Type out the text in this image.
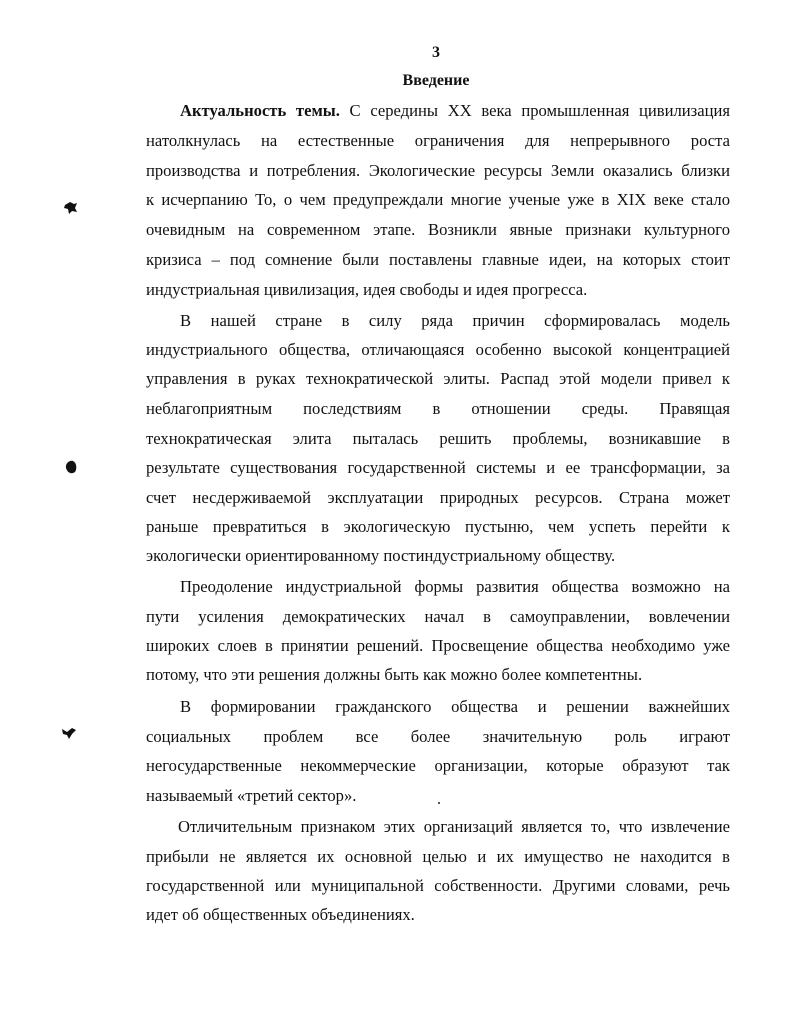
3
Введение
Актуальность темы. С середины XX века промышленная цивилизация
натолкнулась на естественные ограничения для непрерывного роста
производства и потребления. Экологические ресурсы Земли оказались близки
к исчерпанию То, о чем предупреждали многие ученые уже в XIX веке стало
очевидным на современном этапе. Возникли явные признаки культурного
кризиса – под сомнение были поставлены главные идеи, на которых стоит
индустриальная цивилизация, идея свободы и идея прогресса.
В нашей стране в силу ряда причин сформировалась модель
индустриального общества, отличающаяся особенно высокой концентрацией
управления в руках технократической элиты. Распад этой модели привел к
неблагоприятным последствиям в отношении среды. Правящая
технократическая элита пыталась решить проблемы, возникавшие в
результате существования государственной системы и ее трансформации, за
счет несдерживаемой эксплуатации природных ресурсов. Страна может
раньше превратиться в экологическую пустыню, чем успеть перейти к
экологически ориентированному постиндустриальному обществу.
Преодоление индустриальной формы развития общества возможно на
пути усиления демократических начал в самоуправлении, вовлечении
широких слоев в принятии решений. Просвещение общества необходимо уже
потому, что эти решения должны быть как можно более компетентны.
В формировании гражданского общества и решении важнейших
социальных проблем все более значительную роль играют
негосударственные некоммерческие организации, которые образуют так
называемый «третий сектор».
Отличительным признаком этих организаций является то, что извлечение
прибыли не является их основной целью и их имущество не находится в
государственной или муниципальной собственности. Другими словами, речь
идет об общественных объединениях.
